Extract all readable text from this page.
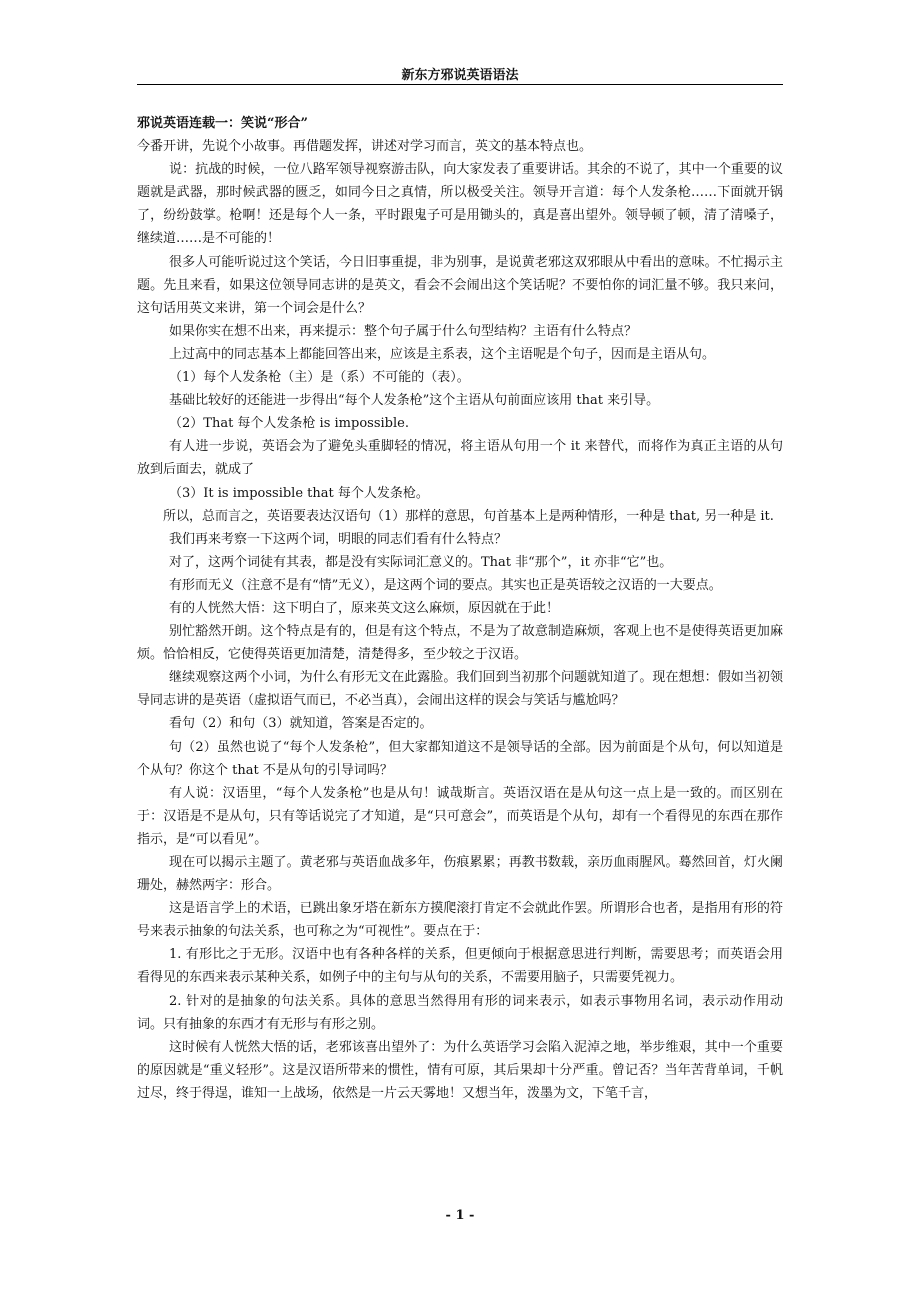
新东方邪说英语语法

邪说英语连载一：笑说“形合”

今番开讲，先说个小故事。再借题发挥，讲述对学习而言，英文的基本特点也。

说：抗战的时候，一位八路军领导视察游击队，向大家发表了重要讲话。其余的不说了，其中一个重要的议题就是武器，那时候武器的匮乏，如同今日之真情，所以极受关注。领导开言道：每个人发条枪……下面就开锅了，纷纷鼓掌。枪啊！还是每个人一条，平时跟鬼子可是用锄头的，真是喜出望外。领导顿了顿，清了清嗓子，继续道……是不可能的！

很多人可能听说过这个笑话，今日旧事重提，非为别事，是说黄老邪这双邪眼从中看出的意味。不忙揭示主题。先且来看，如果这位领导同志讲的是英文，看会不会闹出这个笑话呢？不要怕你的词汇量不够。我只来问，这句话用英文来讲，第一个词会是什么？

如果你实在想不出来，再来提示：整个句子属于什么句型结构？主语有什么特点？

上过高中的同志基本上都能回答出来，应该是主系表，这个主语呢是个句子，因而是主语从句。

（1）每个人发条枪（主）是（系）不可能的（表）。

基础比较好的还能进一步得出“每个人发条枪”这个主语从句前面应该用 that 来引导。

（2）That 每个人发条枪 is impossible.

有人进一步说，英语会为了避免头重脚轻的情况，将主语从句用一个 it 来替代，而将作为真正主语的从句放到后面去，就成了

（3）It is impossible that 每个人发条枪。

所以，总而言之，英语要表达汉语句（1）那样的意思，句首基本上是两种情形，一种是 that, 另一种是 it.

我们再来考察一下这两个词，明眼的同志们看有什么特点？

对了，这两个词徒有其表，都是没有实际词汇意义的。That 非“那个”，it 亦非“它”也。

有形而无义（注意不是有“情”无义），是这两个词的要点。其实也正是英语较之汉语的一大要点。

有的人恍然大悟：这下明白了，原来英文这么麻烦，原因就在于此！

别忙豁然开朗。这个特点是有的，但是有这个特点，不是为了故意制造麻烦，客观上也不是使得英语更加麻烦。恰恰相反，它使得英语更加清楚，清楚得多，至少较之于汉语。

继续观察这两个小词，为什么有形无文在此露脸。我们回到当初那个问题就知道了。现在想想：假如当初领导同志讲的是英语（虚拟语气而已，不必当真），会闹出这样的误会与笑话与尴尬吗？

看句（2）和句（3）就知道，答案是否定的。

句（2）虽然也说了“每个人发条枪”，但大家都知道这不是领导话的全部。因为前面是个从句，何以知道是个从句？你这个 that 不是从句的引导词吗？

有人说：汉语里，“每个人发条枪”也是从句！诚哉斯言。英语汉语在是从句这一点上是一致的。而区别在于：汉语是不是从句，只有等话说完了才知道，是“只可意会”，而英语是个从句，却有一个看得见的东西在那作指示，是“可以看见”。

现在可以揭示主题了。黄老邪与英语血战多年，伤痕累累；再教书数载，亲历血雨腥风。蓦然回首，灯火阑珊处，赫然两字：形合。

这是语言学上的术语，已跳出象牙塔在新东方摸爬滚打肯定不会就此作罢。所谓形合也者，是指用有形的符号来表示抽象的句法关系，也可称之为“可视性”。要点在于：

1. 有形比之于无形。汉语中也有各种各样的关系，但更倾向于根据意思进行判断，需要思考；而英语会用看得见的东西来表示某种关系，如例子中的主句与从句的关系，不需要用脑子，只需要凭视力。

2. 针对的是抽象的句法关系。具体的意思当然得用有形的词来表示，如表示事物用名词，表示动作用动词。只有抽象的东西才有无形与有形之别。

这时候有人恍然大悟的话，老邪该喜出望外了：为什么英语学习会陷入泥淖之地，举步维艰，其中一个重要的原因就是“重义轻形”。这是汉语所带来的惯性，情有可原，其后果却十分严重。曾记否？当年苦背单词，千帆过尽，终于得逞，谁知一上战场，依然是一片云天雾地！又想当年，泼墨为文，下笔千言，

- 1 -
